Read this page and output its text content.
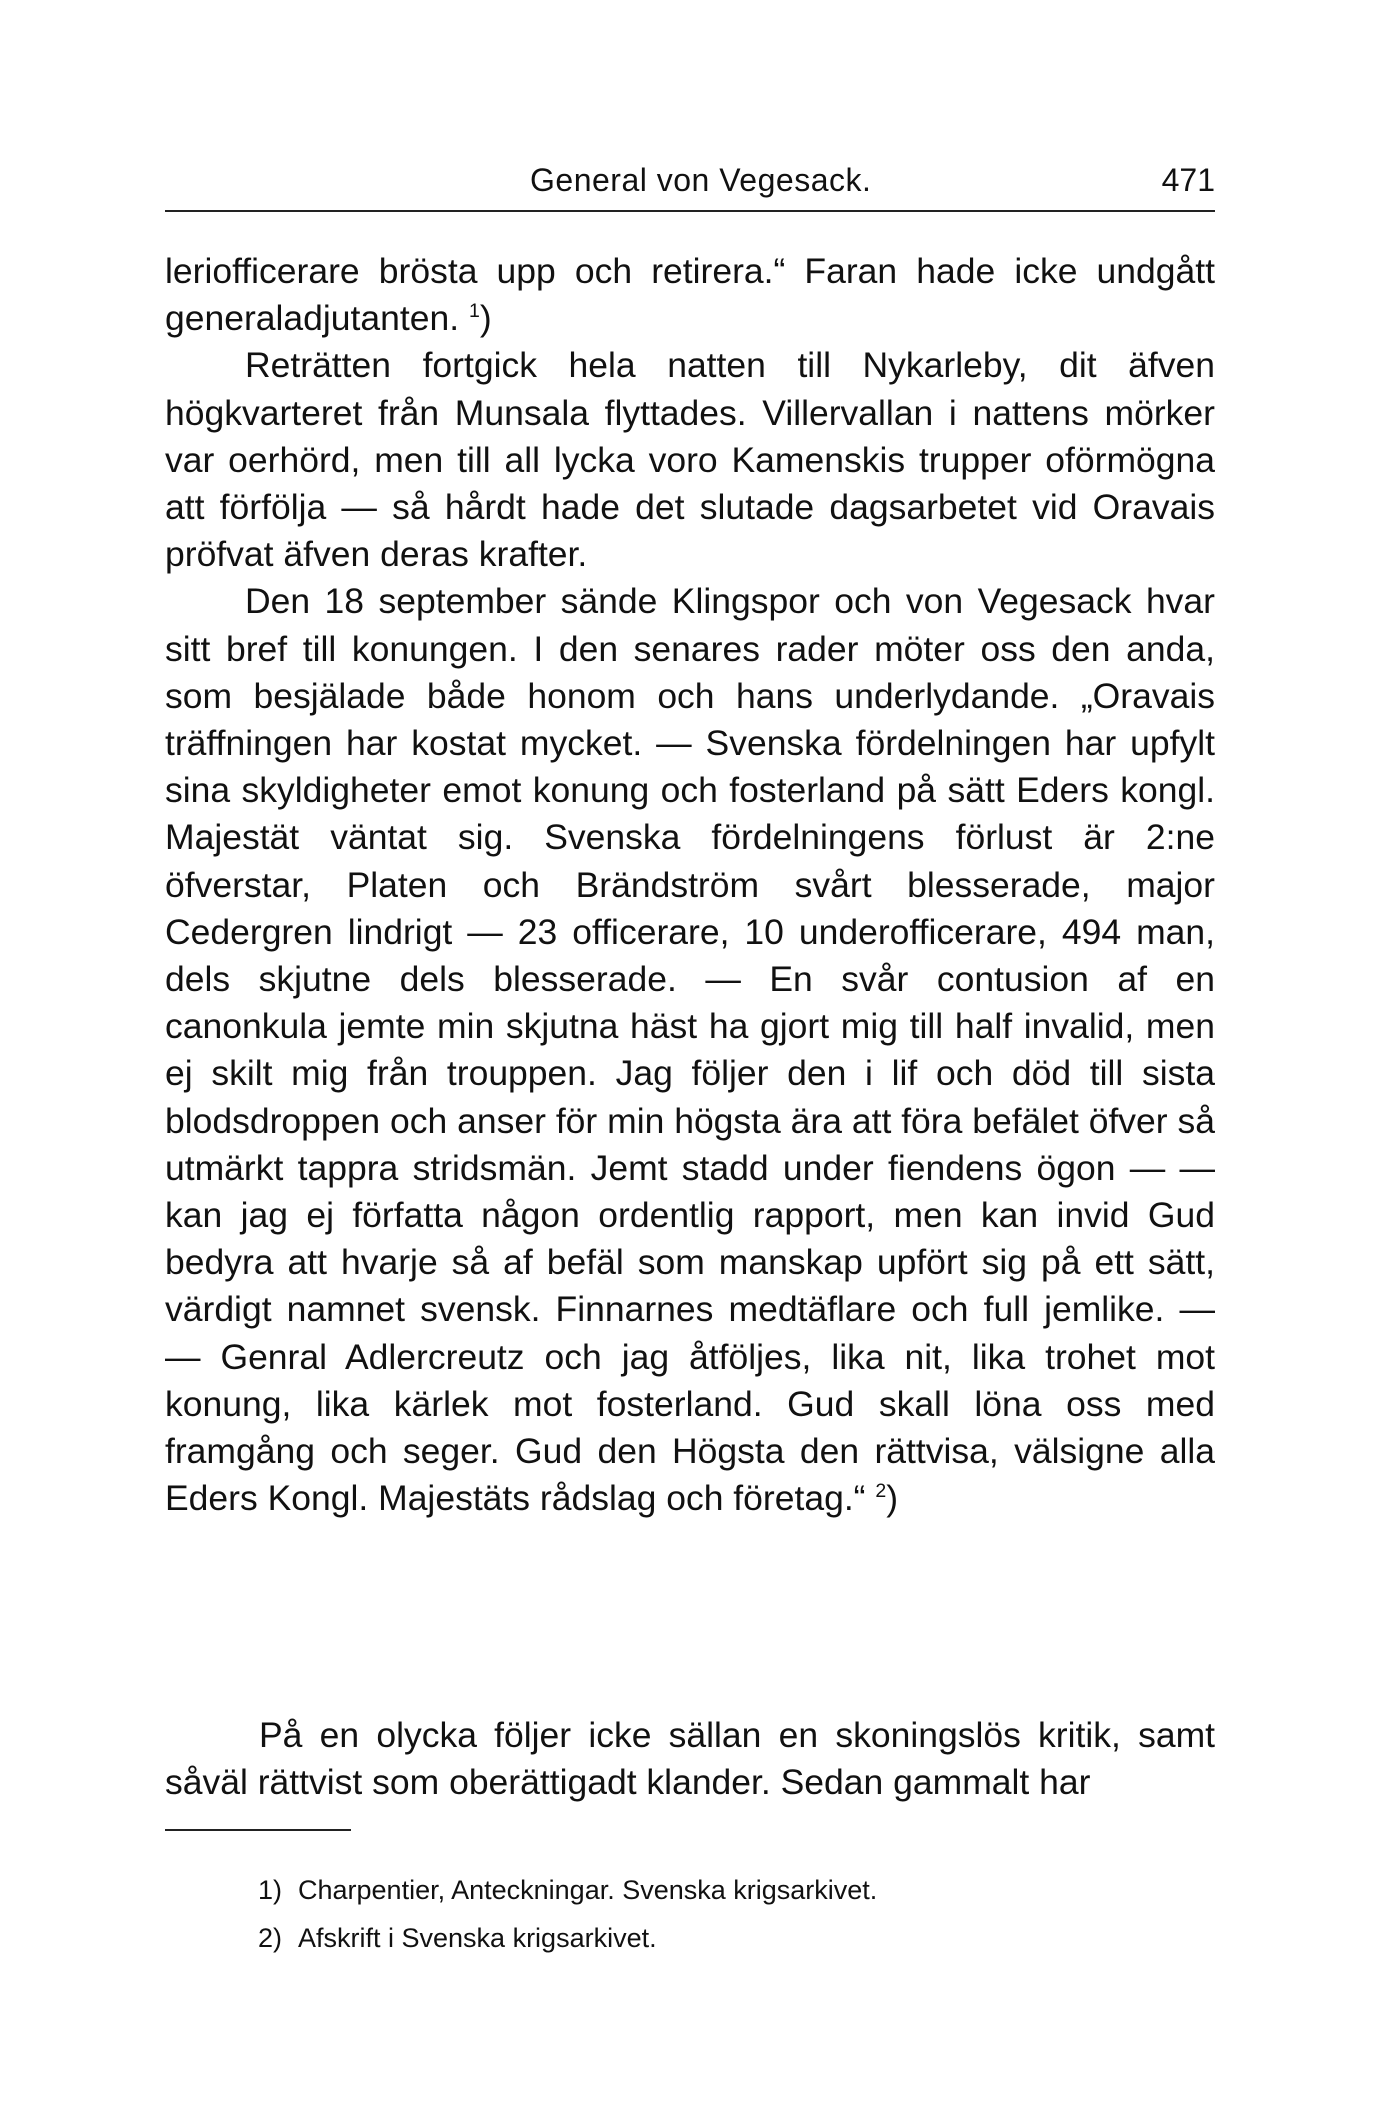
General von Vegesack.	471

leriofficerare brösta upp och retirera.“ Faran hade icke undgått generaladjutanten. $^1$)

Reträtten fortgick hela natten till Nykarleby, dit äfven högkvarteret från Munsala flyttades. Villervallan i nattens mörker var oerhörd, men till all lycka voro Kamenskis trupper oförmögna att förfölja — så hårdt hade det slutade dagsarbetet vid Oravais pröfvat äfven deras krafter.

Den 18 september sände Klingspor och von Vegesack hvar sitt bref till konungen. I den senares rader möter oss den anda, som besjälade både honom och hans underlydande. „Oravais träffningen har kostat mycket. — Svenska fördelningen har upfylt sina skyldigheter emot konung och fosterland på sätt Eders kongl. Majestät väntat sig. Svenska fördelningens förlust är 2:ne öfverstar, Platen och Brändström svårt blesserade, major Cedergren lindrigt — 23 officerare, 10 underofficerare, 494 man, dels skjutne dels blesserade. — En svår contusion af en canonkula jemte min skjutna häst ha gjort mig till half invalid, men ej skilt mig från trouppen. Jag följer den i lif och död till sista blodsdroppen och anser för min högsta ära att föra befälet öfver så utmärkt tappra stridsmän. Jemt stadd under fiendens ögon — — kan jag ej författa någon ordentlig rapport, men kan invid Gud bedyra att hvarje så af befäl som manskap upfört sig på ett sätt, värdigt namnet svensk. Finnarnes medtäflare och full jemlike. — — Genral Adlercreutz och jag åtföljes, lika nit, lika trohet mot konung, lika kärlek mot fosterland. Gud skall löna oss med framgång och seger. Gud den Högsta den rättvisa, välsigne alla Eders Kongl. Majestäts rådslag och företag.“ $^2$)

På en olycka följer icke sällan en skoningslös kritik, samt såväl rättvist som oberättigadt klander. Sedan gammalt har

1) Charpentier, Anteckningar. Svenska krigsarkivet.
2) Afskrift i Svenska krigsarkivet.
